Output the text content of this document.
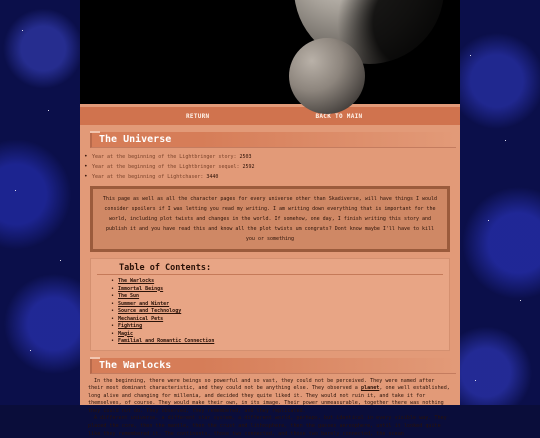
RETURN	BACK TO MAIN
The Universe
• Year at the beginning of the Lightbringer story: 2503
• Year at the beginning of the Lightbringer sequel: 2592
• Year at the beginning of Lightchaser: 3440
This page as well as all the character pages for every universe other than Skadiverse, will have things I would consider spoilers if I was letting you read my writing. I am writing down everything that is important for the world, including plot twists and changes in the world. If somehow, one day, I finish writing this story and publish it and you have read this and know all the plot twists um congrats? Dont know maybe I'll have to kill you or something
Table of Contents:
• The Warlocks
• Immortal Beings
• The Sun
• Summer and Winter
• Source and Technology
• Mechanical Pets
• Fighting
• Magic
• Familial and Romantic Connection
The Warlocks

In the beginning, there were beings so powerful and so vast, they could not be perceived. They were named after their most dominant characteristic, and they could not be anything else. They observed a planet, one well established, long alive and changing for millenia, and decided they quite liked it. They would not ruin it, and take it for themselves, of course. They would make their own, in its image. Their power unmeasurable, together there was nothing they could not do. They observed, they remembered, and they replicated.

A different universe, a different star system, a different world, perhaps, but identical in every visible way. They placed the core, then the mantle, then the crust and lithosphere, then the gasses aerosphere, until it looked quite like they remembered it. The continents, those two connected, and those two barely connected, the ocean
